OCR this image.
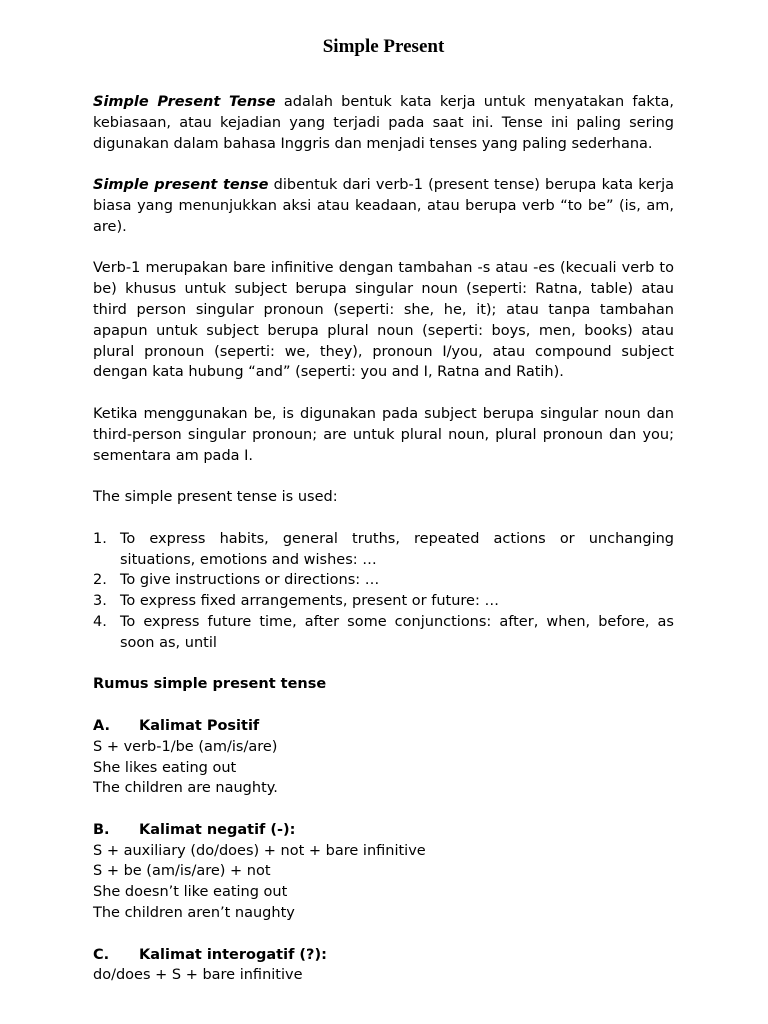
Simple Present

Simple Present Tense adalah bentuk kata kerja untuk menyatakan fakta, kebiasaan, atau kejadian yang terjadi pada saat ini. Tense ini paling sering digunakan dalam bahasa Inggris dan menjadi tenses yang paling sederhana.

Simple present tense dibentuk dari verb-1 (present tense) berupa kata kerja biasa yang menunjukkan aksi atau keadaan, atau berupa verb “to be” (is, am, are).

Verb-1 merupakan bare infinitive dengan tambahan -s atau -es (kecuali verb to be) khusus untuk subject berupa singular noun (seperti: Ratna, table) atau third person singular pronoun (seperti: she, he, it); atau tanpa tambahan apapun untuk subject berupa plural noun (seperti: boys, men, books) atau plural pronoun (seperti: we, they), pronoun I/you, atau compound subject dengan kata hubung “and” (seperti: you and I, Ratna and Ratih).

Ketika menggunakan be, is digunakan pada subject berupa singular noun dan third-person singular pronoun; are untuk plural noun, plural pronoun dan you; sementara am pada I.

The simple present tense is used:

1. To express habits, general truths, repeated actions or unchanging situations, emotions and wishes: …
2. To give instructions or directions: …
3. To express fixed arrangements, present or future: …
4. To express future time, after some conjunctions: after, when, before, as soon as, until

Rumus simple present tense

A.	Kalimat Positif
S + verb-1/be (am/is/are)
She likes eating out
The children are naughty.
B.	Kalimat negatif (-):
S + auxiliary (do/does) + not + bare infinitive
S + be (am/is/are) + not
She doesn’t like eating out
The children aren’t naughty
C.	Kalimat interogatif (?):
do/does + S + bare infinitive
